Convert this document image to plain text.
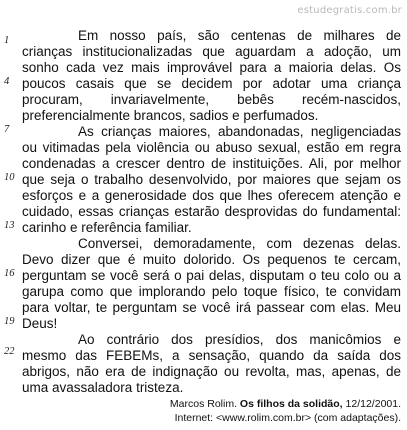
estudegratis.com.br
1
4
7
10
13
16
19
22
Em nosso país, são centenas de milhares de
crianças institucionalizadas que aguardam a adoção, um
sonho cada vez mais improvável para a maioria delas. Os
poucos casais que se decidem por adotar uma criança
procuram, invariavelmente, bebês recém-nascidos,
preferencialmente brancos, sadios e perfumados.
As crianças maiores, abandonadas, negligenciadas
ou vitimadas pela violência ou abuso sexual, estão em regra
condenadas a crescer dentro de instituições. Ali, por melhor
que seja o trabalho desenvolvido, por maiores que sejam os
esforços e a generosidade dos que lhes oferecem atenção e
cuidado, essas crianças estarão desprovidas do fundamental:
carinho e referência familiar.
Conversei, demoradamente, com dezenas delas.
Devo dizer que é muito dolorido. Os pequenos te cercam,
perguntam se você será o pai delas, disputam o teu colo ou a
garupa como que implorando pelo toque físico, te convidam
para voltar, te perguntam se você irá passear com elas. Meu
Deus!
Ao contrário dos presídios, dos manicômios e
mesmo das FEBEMs, a sensação, quando da saída dos
abrigos, não era de indignação ou revolta, mas, apenas, de
uma avassaladora tristeza.
Marcos Rolim. Os filhos da solidão, 12/12/2001.
Internet: <www.rolim.com.br> (com adaptações).
